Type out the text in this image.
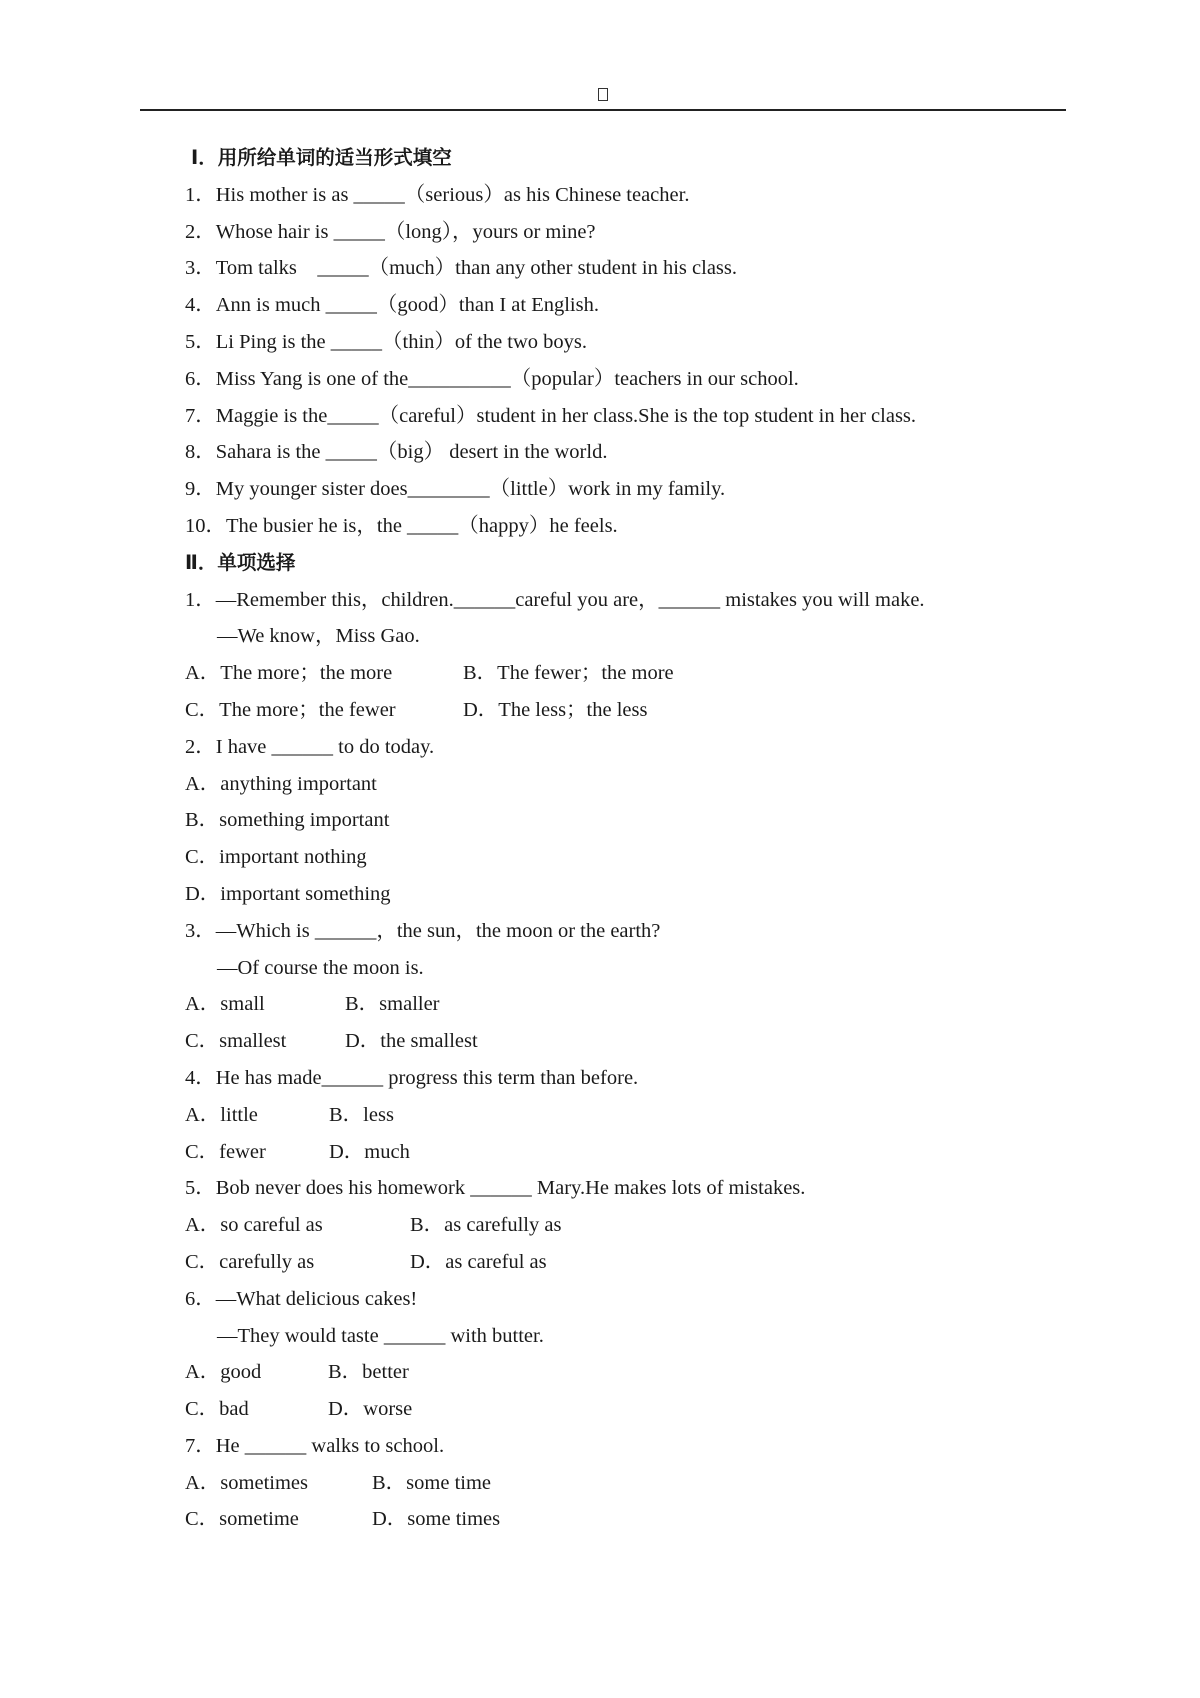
Ⅰ．用所给单词的适当形式填空
1．His mother is as _____（serious）as his Chinese teacher.
2．Whose hair is _____（long），yours or mine?
3．Tom talks　_____（much）than any other student in his class.
4．Ann is much _____（good）than I at English.
5．Li Ping is the _____（thin）of the two boys.
6．Miss Yang is one of the__________（popular）teachers in our school.
7．Maggie is the_____（careful）student in her class.She is the top student in her class.
8．Sahara is the _____（big） desert in the world.
9．My younger sister does________（little）work in my family.
10．The busier he is，the _____（happy）he feels.
Ⅱ．单项选择
1．—Remember this，children.______careful you are，______ mistakes you will make.
—We know，Miss Gao.
A．The more；the more	B．The fewer；the more
C．The more；the fewer	D．The less；the less
2．I have ______ to do today.
A．anything important
B．something important
C．important nothing
D．important something
3．—Which is ______，the sun，the moon or the earth?
—Of course the moon is.
A．small	B．smaller
C．smallest	D．the smallest
4．He has made______ progress this term than before.
A．little	B．less
C．fewer	D．much
5．Bob never does his homework ______ Mary.He makes lots of mistakes.
A．so careful as	B．as carefully as
C．carefully as	D．as careful as
6．—What delicious cakes!
—They would taste ______ with butter.
A．good	B．better
C．bad	D．worse
7．He ______ walks to school.
A．sometimes	B．some time
C．sometime	D．some times
